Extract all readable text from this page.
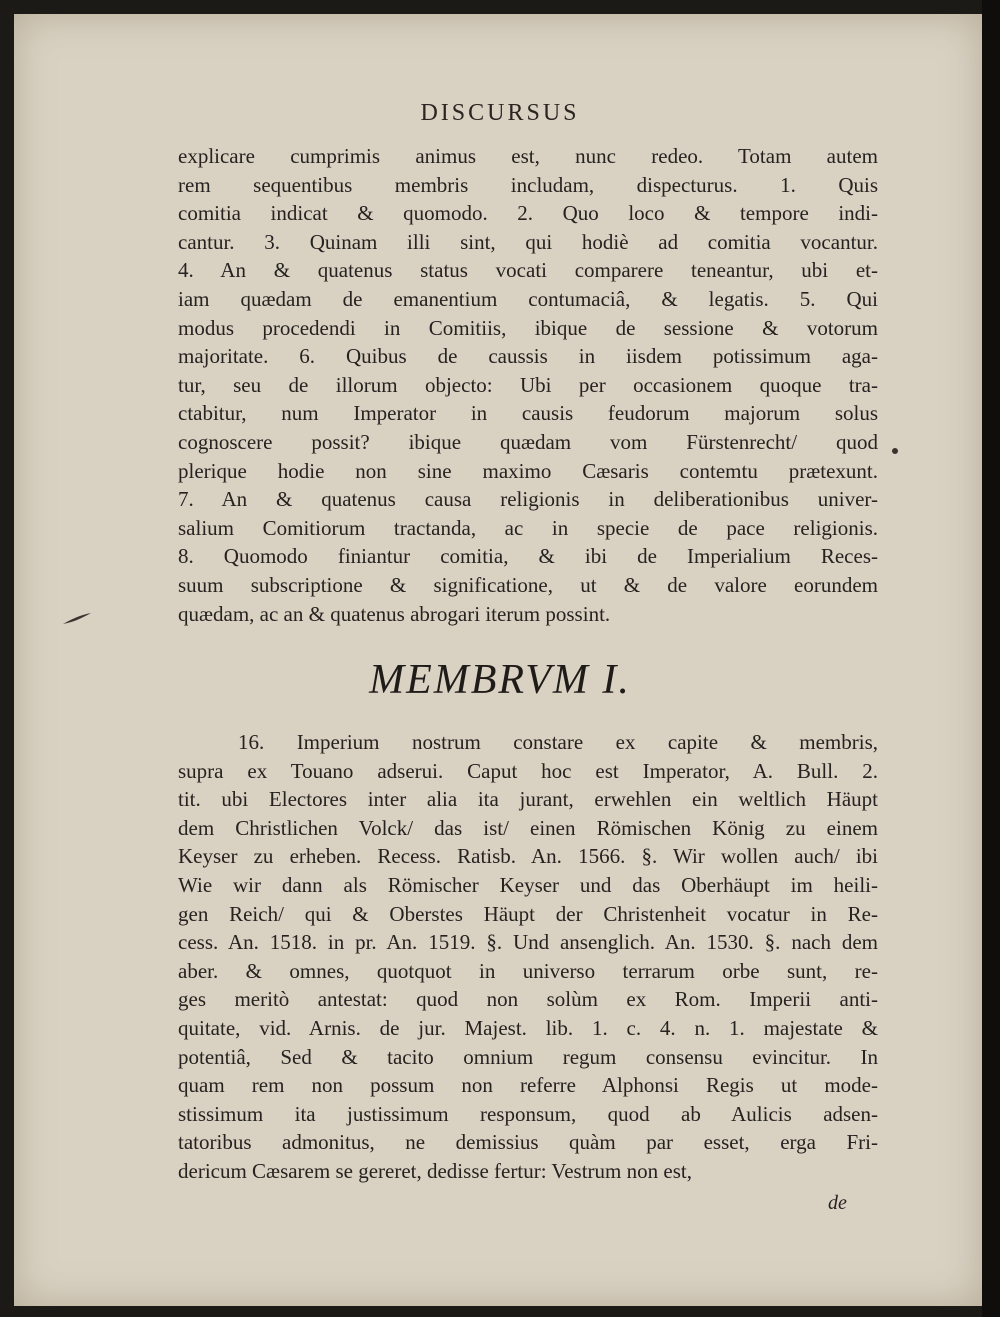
DISCURSUS
explicare cumprimis animus est, nunc redeo. Totam autem
rem sequentibus membris includam, dispecturus. 1. Quis
comitia indicat & quomodo. 2. Quo loco & tempore indi-
cantur. 3. Quinam illi sint, qui hodiè ad comitia vocantur.
4. An & quatenus status vocati comparere teneantur, ubi et-
iam quædam de emanentium contumaciâ, & legatis. 5. Qui
modus procedendi in Comitiis, ibique de sessione & votorum
majoritate. 6. Quibus de caussis in iisdem potissimum aga-
tur, seu de illorum objecto: Ubi per occasionem quoque tra-
ctabitur, num Imperator in causis feudorum majorum solus
cognoscere possit? ibique quædam vom Fürstenrecht/ quod
plerique hodie non sine maximo Cæsaris contemtu prætexunt.
7. An & quatenus causa religionis in deliberationibus univer-
salium Comitiorum tractanda, ac in specie de pace religionis.
8. Quomodo finiantur comitia, & ibi de Imperialium Reces-
suum subscriptione & significatione, ut & de valore eorundem
quædam, ac an & quatenus abrogari iterum possint.
MEMBRVM I.
16. Imperium nostrum constare ex capite & membris,
supra ex Touano adserui. Caput hoc est Imperator, A. Bull. 2.
tit. ubi Electores inter alia ita jurant, erwehlen ein weltlich Häupt
dem Christlichen Volck/ das ist/ einen Römischen König zu einem
Keyser zu erheben. Recess. Ratisb. An. 1566. §. Wir wollen auch/ ibi
Wie wir dann als Römischer Keyser und das Oberhäupt im heili-
gen Reich/ qui & Oberstes Häupt der Christenheit vocatur in Re-
cess. An. 1518. in pr. An. 1519. §. Und ansenglich. An. 1530. §. nach dem
aber. & omnes, quotquot in universo terrarum orbe sunt, re-
ges meritò antestat: quod non solùm ex Rom. Imperii anti-
quitate, vid. Arnis. de jur. Majest. lib. 1. c. 4. n. 1. majestate &
potentiâ, Sed & tacito omnium regum consensu evincitur. In
quam rem non possum non referre Alphonsi Regis ut mode-
stissimum ita justissimum responsum, quod ab Aulicis adsen-
tatoribus admonitus, ne demissius quàm par esset, erga Fri-
dericum Cæsarem se gereret, dedisse fertur: Vestrum non est,
de
